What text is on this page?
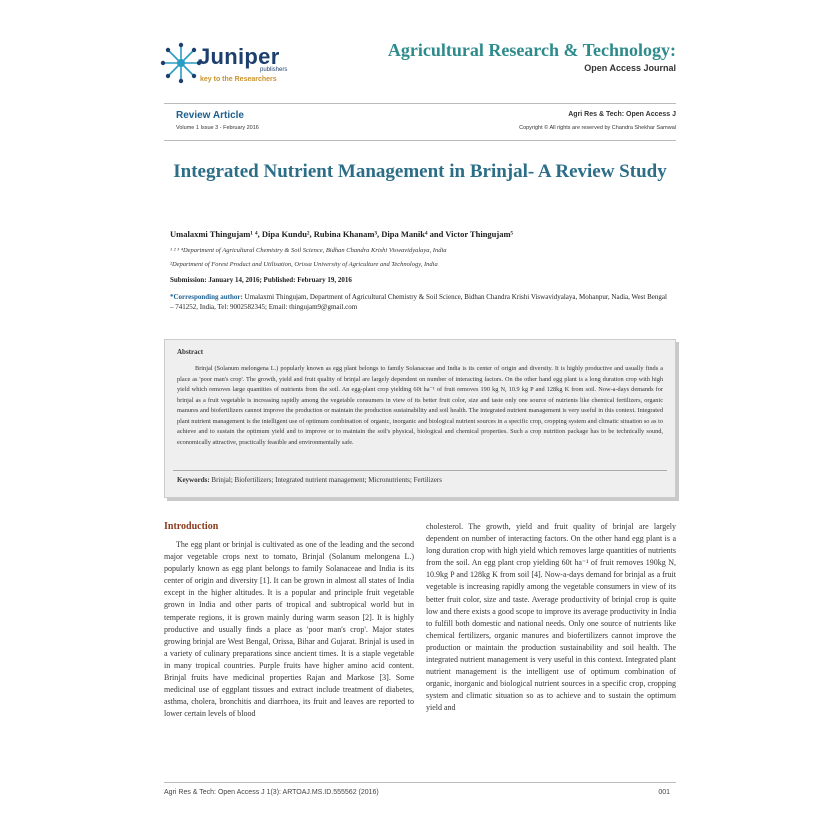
Juniper
publishers
key to the Researchers
Agricultural Research & Technology:
Open Access Journal
Review Article
Volume 1 Issue 3 - February 2016
Agri Res & Tech: Open Access J
Copyright © All rights are reserved by Chandra Shekhar Samwal
Integrated Nutrient Management in Brinjal- A Review Study
Umalaxmi Thingujam¹ ⁴, Dipa Kundu², Rubina Khanam³, Dipa Manik⁴ and Victor Thingujam⁵
¹ ² ³ ⁴Department of Agricultural Chemistry & Soil Science, Bidhan Chandra Krishi Viswavidyalaya, India
²Department of Forest Product and Utilisation, Orissa University of Agriculture and Technology, India
Submission: January 14, 2016; Published: February 19, 2016
*Corresponding author: Umalaxmi Thingujam, Department of Agricultural Chemistry & Soil Science, Bidhan Chandra Krishi Viswavidyalaya, Mohanpur, Nadia, West Bengal – 741252, India, Tel: 9002582345; Email: thingujam9@gmail.com
Abstract
Brinjal (Solanum melongena L.) popularly known as egg plant belongs to family Solanaceae and India is its center of origin and diversity. It is highly productive and usually finds a place as 'poor man's crop'. The growth, yield and fruit quality of brinjal are largely dependent on number of interacting factors. On the other hand egg plant is a long duration crop with high yield which removes large quantities of nutrients from the soil. An egg-plant crop yielding 60t ha⁻¹ of fruit removes 190 kg N, 10.9 kg P and 128kg K from soil. Now-a-days demands for brinjal as a fruit vegetable is increasing rapidly among the vegetable consumers in view of its better fruit color, size and taste only one source of nutrients like chemical fertilizers, organic manures and biofertilizers cannot improve the production or maintain the production sustainability and soil health. The integrated nutrient management is very useful in this context. Integrated plant nutrient management is the intelligent use of optimum combination of organic, inorganic and biological nutrient sources in a specific crop, cropping system and climatic situation so as to achieve and to sustain the optimum yield and to improve or to maintain the soil's physical, biological and chemical properties. Such a crop nutrition package has to be technically sound, economically attractive, practically feasible and environmentally safe.
Keywords: Brinjal; Biofertilizers; Integrated nutrient management; Micronutrients; Fertilizers
Introduction
The egg plant or brinjal is cultivated as one of the leading and the second major vegetable crops next to tomato, Brinjal (Solanum melongena L.) popularly known as egg plant belongs to family Solanaceae and India is its center of origin and diversity [1]. It can be grown in almost all states of India except in the higher altitudes. It is a popular and principle fruit vegetable grown in India and other parts of tropical and subtropical world but in temperate regions, it is grown mainly during warm season [2]. It is highly productive and usually finds a place as 'poor man's crop'. Major states growing brinjal are West Bengal, Orissa, Bihar and Gujarat. Brinjal is used in a variety of culinary preparations since ancient times. It is a staple vegetable in many tropical countries. Purple fruits have higher amino acid content. Brinjal fruits have medicinal properties Rajan and Markose [3]. Some medicinal use of eggplant tissues and extract include treatment of diabetes, asthma, cholera, bronchitis and diarrhoea, its fruit and leaves are reported to lower certain levels of blood
cholesterol. The growth, yield and fruit quality of brinjal are largely dependent on number of interacting factors. On the other hand egg plant is a long duration crop with high yield which removes large quantities of nutrients from the soil. An egg plant crop yielding 60t ha⁻¹ of fruit removes 190kg N, 10.9kg P and 128kg K from soil [4]. Now-a-days demand for brinjal as a fruit vegetable is increasing rapidly among the vegetable consumers in view of its better fruit color, size and taste. Average productivity of brinjal crop is quite low and there exists a good scope to improve its average productivity in India to fulfill both domestic and national needs. Only one source of nutrients like chemical fertilizers, organic manures and biofertilizers cannot improve the production or maintain the production sustainability and soil health. The integrated nutrient management is very useful in this context. Integrated plant nutrient management is the intelligent use of optimum combination of organic, inorganic and biological nutrient sources in a specific crop, cropping system and climatic situation so as to achieve and to sustain the optimum yield and
Agri Res & Tech: Open Access J 1(3): ARTOAJ.MS.ID.555562 (2016)	001
